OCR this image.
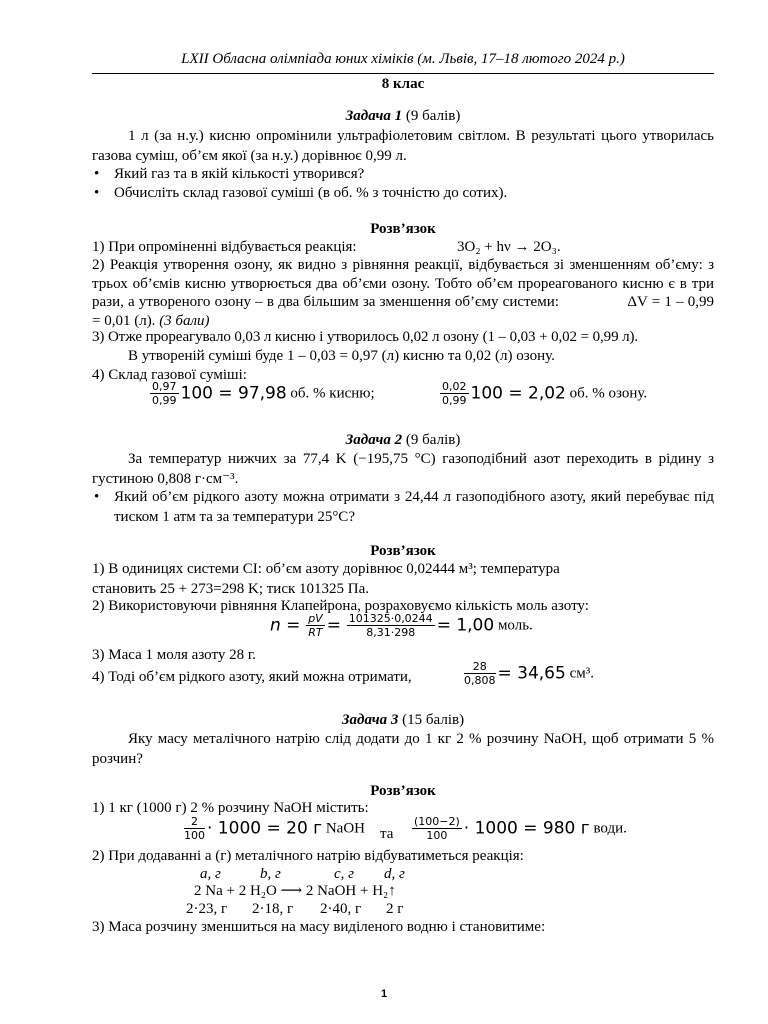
LXII Обласна олімпіада юних хіміків (м. Львів, 17–18 лютого 2024 р.)
8 клас
Задача 1 (9 балів)
1 л (за н.у.) кисню опромінили ультрафіолетовим світлом. В результаті цього утворилась газова суміш, об’єм якої (за н.у.) дорівнює 0,99 л.
• Який газ та в якій кількості утворився?
• Обчисліть склад газової суміші (в об. % з точністю до сотих).
Розв’язок
1) При опроміненні відбувається реакція:	3O₂ + hν → 2O₃.
2) Реакція утворення озону, як видно з рівняння реакції, відбувається зі зменшенням об’єму: з трьох об’ємів кисню утворюється два об’єми озону. Тобто об’єм прореагованого кисню є в три рази, а утвореного озону – в два більшим за зменшення об’єму системи:	ΔV = 1 – 0,99 = 0,01 (л). (3 бали)
3) Отже прореагувало 0,03 л кисню і утворилось 0,02 л озону (1 – 0,03 + 0,02 = 0,99 л).
В утвореній суміші буде 1 – 0,03 = 0,97 (л) кисню та 0,02 (л) озону.
4) Склад газової суміші:
$\frac{0,97}{0,99} 100 = 97,98$ об. % кисню;	$\frac{0,02}{0,99} 100 = 2,02$ об. % озону.
Задача 2 (9 балів)
За температур нижчих за 77,4 K (−195,75 °С) газоподібний азот переходить в рідину з густиною 0,808 г·см⁻³.
• Який об’єм рідкого азоту можна отримати з 24,44 л газоподібного азоту, який перебуває під тиском 1 атм та за температури 25°С?
Розв’язок
1) В одиницях системи СІ: об’єм азоту дорівнює 0,02444 м³; температура становить 25 + 273=298 K; тиск 101325 Па.
2) Використовуючи рівняння Клапейрона, розраховуємо кількість моль азоту:
$n = \frac{pV}{RT} = \frac{101325\cdot 0,0244}{8,31\cdot 298} = 1,00$ моль.
3) Маса 1 моля азоту 28 г.
4) Тоді об’єм рідкого азоту, який можна отримати,	$\frac{28}{0,808} = 34,65$ см³.
Задача 3 (15 балів)
Яку масу металічного натрію слід додати до 1 кг 2 % розчину NaOH, щоб отримати 5 % розчин?
Розв’язок
1) 1 кг (1000 г) 2 % розчину NaOH містить:
$\frac{2}{100} \cdot 1000 = 20$ г NaOH та $\frac{(100-2)}{100} \cdot 1000 = 980$ г води.
2) При додаванні а (г) металічного натрію відбуватиметься реакція:
а, г	b, г	с, г d, г
2 Na + 2 H₂O ⟶ 2 NaOH + H₂↑
2·23, г 2·18, г 2·40, г 2 г
3) Маса розчину зменшиться на масу виділеного водню і становитиме:
1
